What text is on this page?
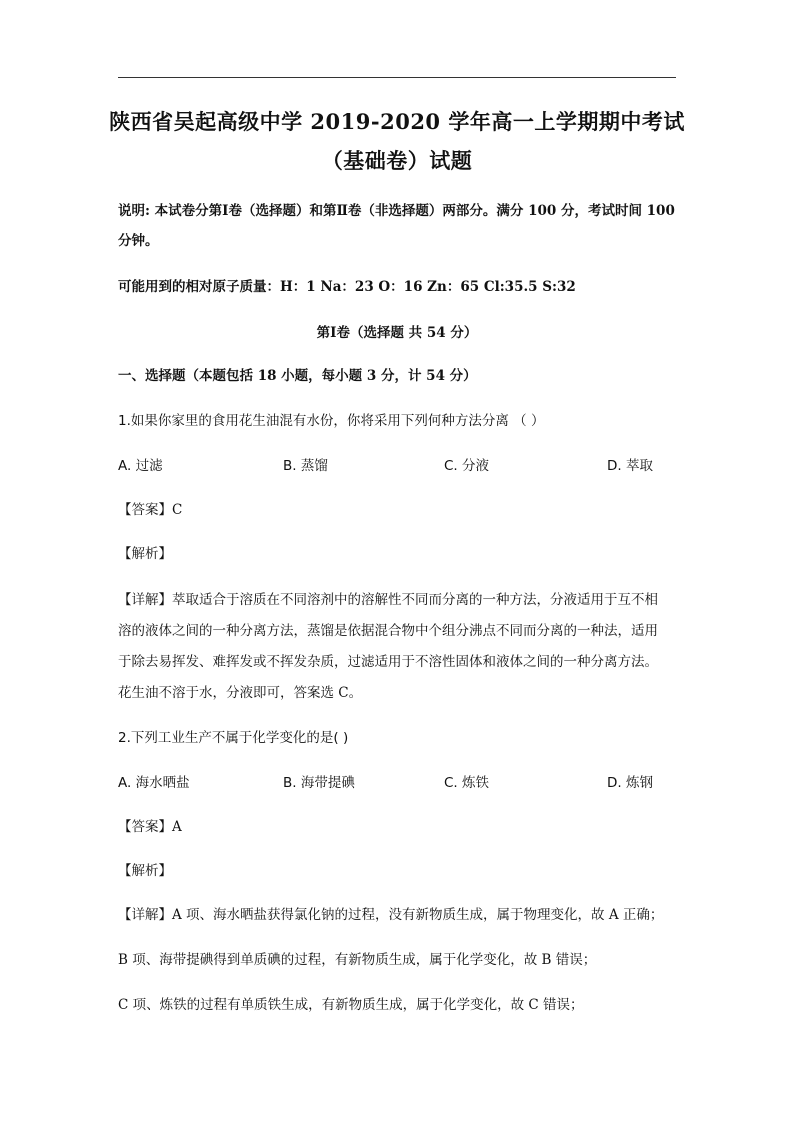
陕西省吴起高级中学 2019-2020 学年高一上学期期中考试
（基础卷）试题
说明: 本试卷分第Ⅰ卷（选择题）和第Ⅱ卷（非选择题）两部分。满分 100 分，考试时间 100
分钟。
可能用到的相对原子质量：H：1 Na：23 O：16 Zn：65 Cl:35.5 S:32
第Ⅰ卷（选择题 共 54 分）
一、选择题（本题包括 18 小题，每小题 3 分，计 54 分）
1.如果你家里的食用花生油混有水份，你将采用下列何种方法分离 （ ）
A. 过滤	B. 蒸馏	C. 分液	D. 萃取
【答案】C
【解析】
【详解】萃取适合于溶质在不同溶剂中的溶解性不同而分离的一种方法，分液适用于互不相
溶的液体之间的一种分离方法，蒸馏是依据混合物中个组分沸点不同而分离的一种法，适用
于除去易挥发、难挥发或不挥发杂质，过滤适用于不溶性固体和液体之间的一种分离方法。
花生油不溶于水，分液即可，答案选 C。
2.下列工业生产不属于化学变化的是( )
A. 海水晒盐	B. 海带提碘	C. 炼铁	D. 炼钢
【答案】A
【解析】
【详解】A 项、海水晒盐获得氯化钠的过程，没有新物质生成，属于物理变化，故 A 正确；
B 项、海带提碘得到单质碘的过程，有新物质生成，属于化学变化，故 B 错误；
C 项、炼铁的过程有单质铁生成，有新物质生成，属于化学变化，故 C 错误；
